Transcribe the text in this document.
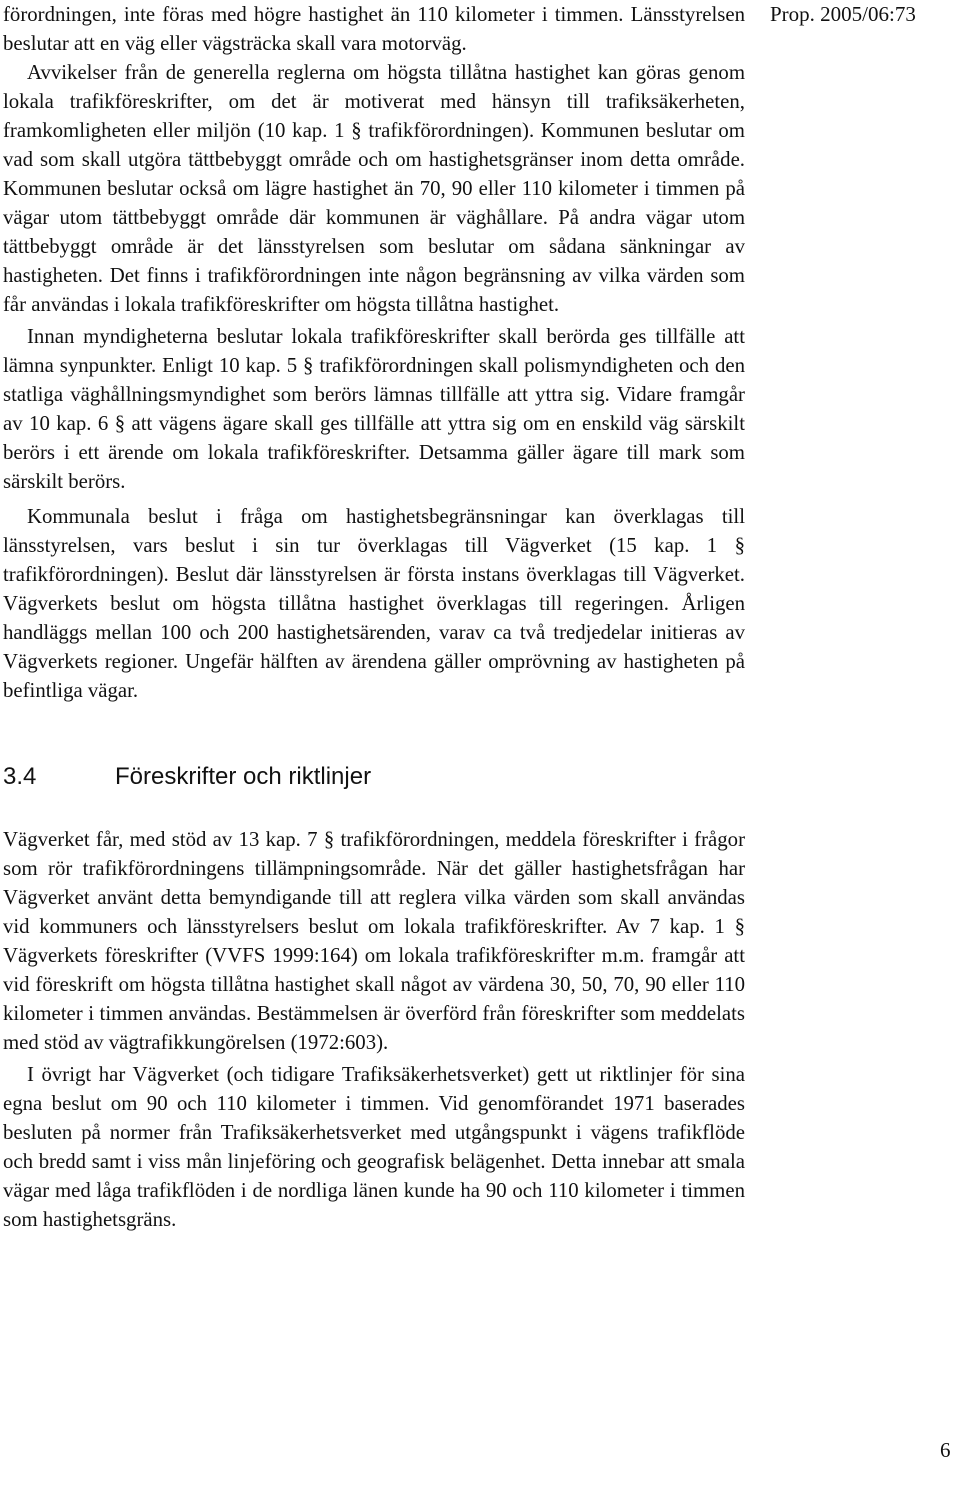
Prop. 2005/06:73

förordningen, inte föras med högre hastighet än 110 kilometer i timmen. Länsstyrelsen beslutar att en väg eller vägsträcka skall vara motorväg.

Avvikelser från de generella reglerna om högsta tillåtna hastighet kan göras genom lokala trafikföreskrifter, om det är motiverat med hänsyn till trafiksäkerheten, framkomligheten eller miljön (10 kap. 1 § trafikförordningen). Kommunen beslutar om vad som skall utgöra tättbebyggt område och om hastighetsgränser inom detta område. Kommunen beslutar också om lägre hastighet än 70, 90 eller 110 kilometer i timmen på vägar utom tättbebyggt område där kommunen är väghållare. På andra vägar utom tättbebyggt område är det länsstyrelsen som beslutar om sådana sänkningar av hastigheten. Det finns i trafikförordningen inte någon begränsning av vilka värden som får användas i lokala trafikföreskrifter om högsta tillåtna hastighet.

Innan myndigheterna beslutar lokala trafikföreskrifter skall berörda ges tillfälle att lämna synpunkter. Enligt 10 kap. 5 § trafikförordningen skall polismyndigheten och den statliga väghållningsmyndighet som berörs lämnas tillfälle att yttra sig. Vidare framgår av 10 kap. 6 § att vägens ägare skall ges tillfälle att yttra sig om en enskild väg särskilt berörs i ett ärende om lokala trafikföreskrifter. Detsamma gäller ägare till mark som särskilt berörs.

Kommunala beslut i fråga om hastighetsbegränsningar kan överklagas till länsstyrelsen, vars beslut i sin tur överklagas till Vägverket (15 kap. 1 § trafikförordningen). Beslut där länsstyrelsen är första instans överklagas till Vägverket. Vägverkets beslut om högsta tillåtna hastighet överklagas till regeringen. Årligen handläggs mellan 100 och 200 hastighetsärenden, varav ca två tredjedelar initieras av Vägverkets regioner. Ungefär hälften av ärendena gäller omprövning av hastigheten på befintliga vägar.

3.4	Föreskrifter och riktlinjer

Vägverket får, med stöd av 13 kap. 7 § trafikförordningen, meddela föreskrifter i frågor som rör trafikförordningens tillämpningsområde. När det gäller hastighetsfrågan har Vägverket använt detta bemyndigande till att reglera vilka värden som skall användas vid kommuners och länsstyrelsers beslut om lokala trafikföreskrifter. Av 7 kap. 1 § Vägverkets föreskrifter (VVFS 1999:164) om lokala trafikföreskrifter m.m. framgår att vid föreskrift om högsta tillåtna hastighet skall något av värdena 30, 50, 70, 90 eller 110 kilometer i timmen användas. Bestämmelsen är överförd från föreskrifter som meddelats med stöd av vägtrafikkungörelsen (1972:603).

I övrigt har Vägverket (och tidigare Trafiksäkerhetsverket) gett ut riktlinjer för sina egna beslut om 90 och 110 kilometer i timmen. Vid genomförandet 1971 baserades besluten på normer från Trafiksäkerhetsverket med utgångspunkt i vägens trafikflöde och bredd samt i viss mån linjeföring och geografisk belägenhet. Detta innebar att smala vägar med låga trafikflöden i de nordliga länen kunde ha 90 och 110 kilometer i timmen som hastighetsgräns.

6
